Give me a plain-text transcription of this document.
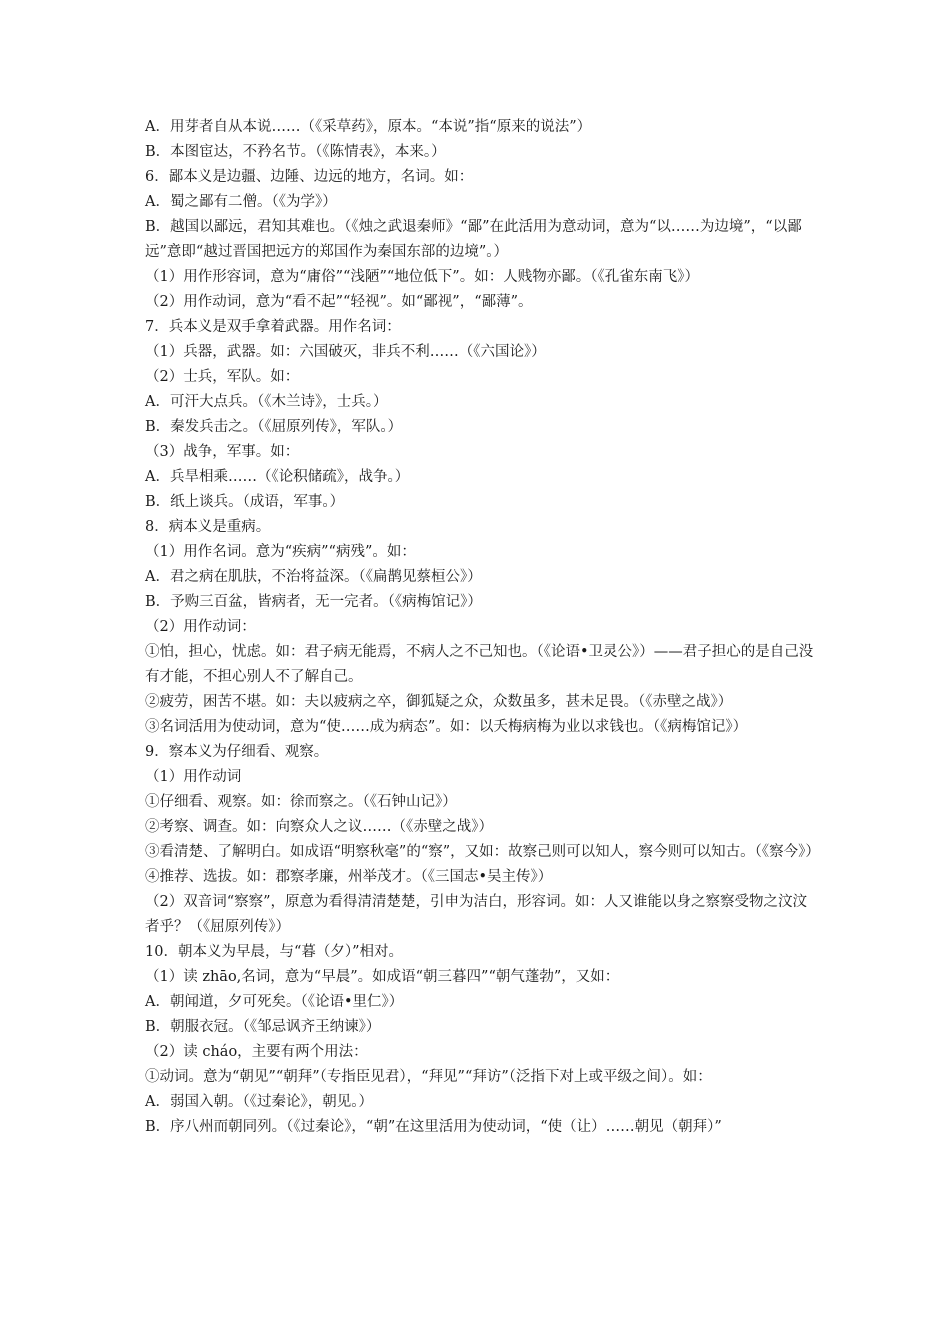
A．用芽者自从本说……（《采草药》，原本。“本说”指“原来的说法”）

B．本图宦达，不矜名节。（《陈情表》，本来。）

6．鄙本义是边疆、边陲、边远的地方，名词。如：

A．蜀之鄙有二僧。（《为学》）

B．越国以鄙远，君知其难也。（《烛之武退秦师》“鄙”在此活用为意动词，意为“以……为边境”，“以鄙远”意即“越过晋国把远方的郑国作为秦国东部的边境”。）

（1）用作形容词，意为“庸俗”“浅陋”“地位低下”。如：人贱物亦鄙。（《孔雀东南飞》）

（2）用作动词，意为“看不起”“轻视”。如“鄙视”，“鄙薄”。

7．兵本义是双手拿着武器。用作名词：

（1）兵器，武器。如：六国破灭，非兵不利……（《六国论》）

（2）士兵，军队。如：

A．可汗大点兵。（《木兰诗》，士兵。）

B．秦发兵击之。（《屈原列传》，军队。）

（3）战争，军事。如：

A．兵旱相乘……（《论积储疏》，战争。）

B．纸上谈兵。（成语，军事。）

8．病本义是重病。

（1）用作名词。意为“疾病”“病残”。如：

A．君之病在肌肤，不治将益深。（《扁鹊见蔡桓公》）

B．予购三百盆，皆病者，无一完者。（《病梅馆记》）

（2）用作动词：

①怕，担心，忧虑。如：君子病无能焉，不病人之不己知也。（《论语•卫灵公》）——君子担心的是自己没有才能，不担心别人不了解自己。

②疲劳，困苦不堪。如：夫以疲病之卒，御狐疑之众，众数虽多，甚未足畏。（《赤壁之战》）

③名词活用为使动词，意为“使……成为病态”。如：以夭梅病梅为业以求钱也。（《病梅馆记》）

9．察本义为仔细看、观察。

（1）用作动词

①仔细看、观察。如：徐而察之。（《石钟山记》）

②考察、调查。如：向察众人之议……（《赤壁之战》）

③看清楚、了解明白。如成语“明察秋毫”的“察”，又如：故察己则可以知人，察今则可以知古。（《察今》）

④推荐、选拔。如：郡察孝廉，州举茂才。（《三国志•吴主传》）

（2）双音词“察察”，原意为看得清清楚楚，引申为洁白，形容词。如：人又谁能以身之察察受物之汶汶者乎？（《屈原列传》）

10．朝本义为早晨，与“暮（夕）”相对。

（1）读 zhāo,名词，意为“早晨”。如成语“朝三暮四”“朝气蓬勃”，又如：

A．朝闻道，夕可死矣。（《论语•里仁》）

B．朝服衣冠。（《邹忌讽齐王纳谏》）

（2）读 cháo，主要有两个用法：

①动词。意为“朝见”“朝拜”（专指臣见君），“拜见”“拜访”（泛指下对上或平级之间）。如：

A．弱国入朝。（《过秦论》，朝见。）

B．序八州而朝同列。（《过秦论》，“朝”在这里活用为使动词，“使（让）……朝见（朝拜）”
